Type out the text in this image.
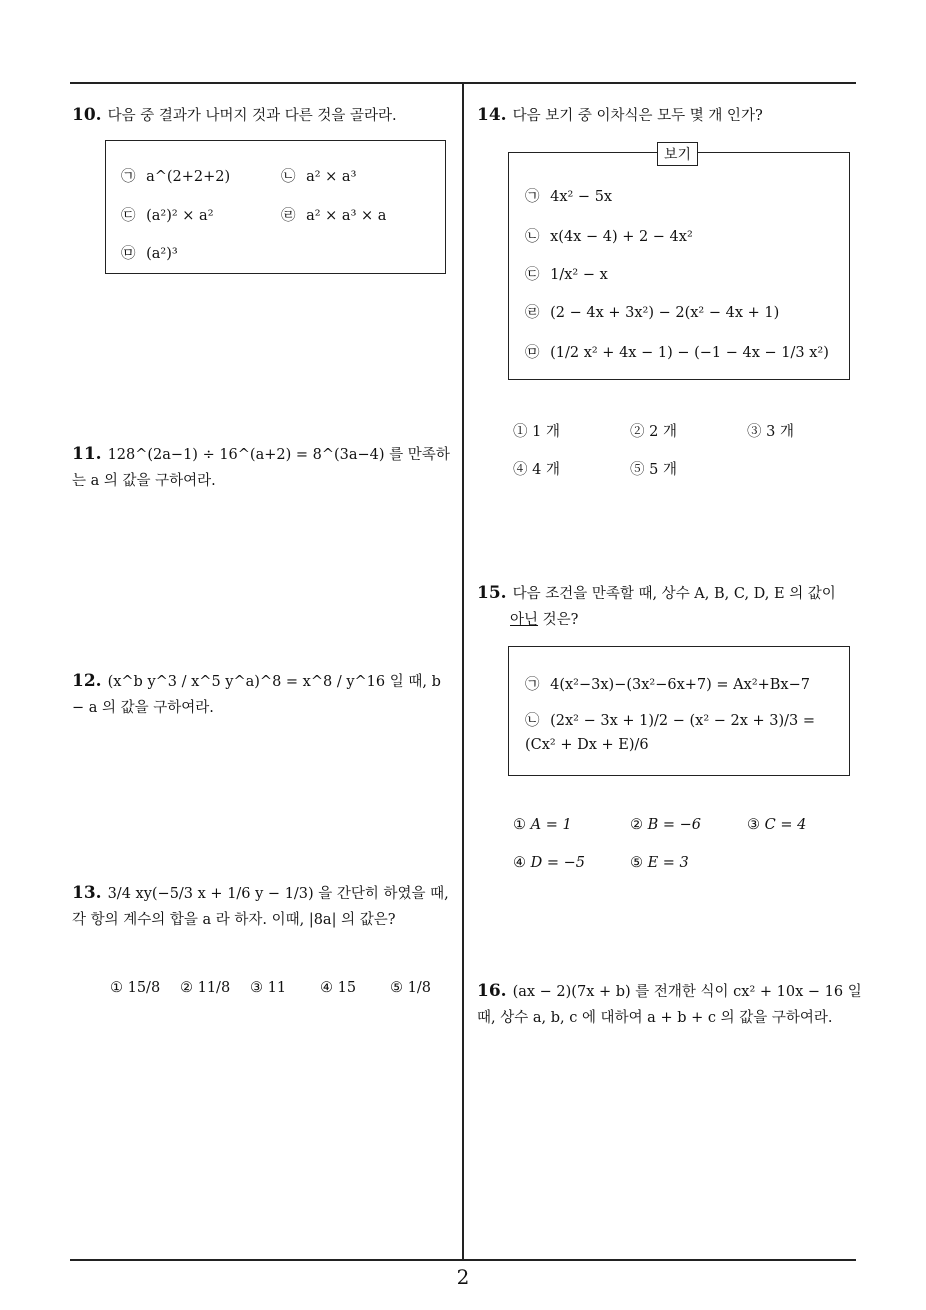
10. 다음 중 결과가 나머지 것과 다른 것을 골라라.
㉠ a^(2+2+2)	㉡ a² × a³
㉢ (a²)² × a²	㉣ a² × a³ × a
㉤ (a²)³
11. 128^(2a−1) ÷ 16^(a+2) = 8^(3a−4) 를 만족하는 a 의 값을 구하여라.
12. (x^b y^3 / x^5 y^a)^8 = x^8 / y^16 일 때, b − a 의 값을 구하여라.
13. 3/4 xy(−5/3 x + 1/6 y − 1/3) 을 간단히 하였을 때, 각 항의 계수의 합을 a 라 하자. 이때, |8a| 의 값은?
① 15/8 ② 11/8 ③ 11 ④ 15 ⑤ 1/8
14. 다음 보기 중 이차식은 모두 몇 개 인가?
㉠ 4x² − 5x
㉡ x(4x − 4) + 2 − 4x²
㉢ 1/x² − x
㉣ (2 − 4x + 3x²) − 2(x² − 4x + 1)
㉤ (1/2 x² + 4x − 1) − (−1 − 4x − 1/3 x²)
보기
① 1 개	② 2 개	③ 3 개
④ 4 개	⑤ 5 개
15. 다음 조건을 만족할 때, 상수 A, B, C, D, E 의 값이
아닌 것은?
㉠ 4(x²−3x)−(3x²−6x+7) = Ax²+Bx−7
㉡ (2x² − 3x + 1)/2 − (x² − 2x + 3)/3 = (Cx² + Dx + E)/6
① A = 1	② B = −6	③ C = 4
④ D = −5	⑤ E = 3
16. (ax − 2)(7x + b) 를 전개한 식이 cx² + 10x − 16 일 때, 상수 a, b, c 에 대하여 a + b + c 의 값을 구하여라.
2
